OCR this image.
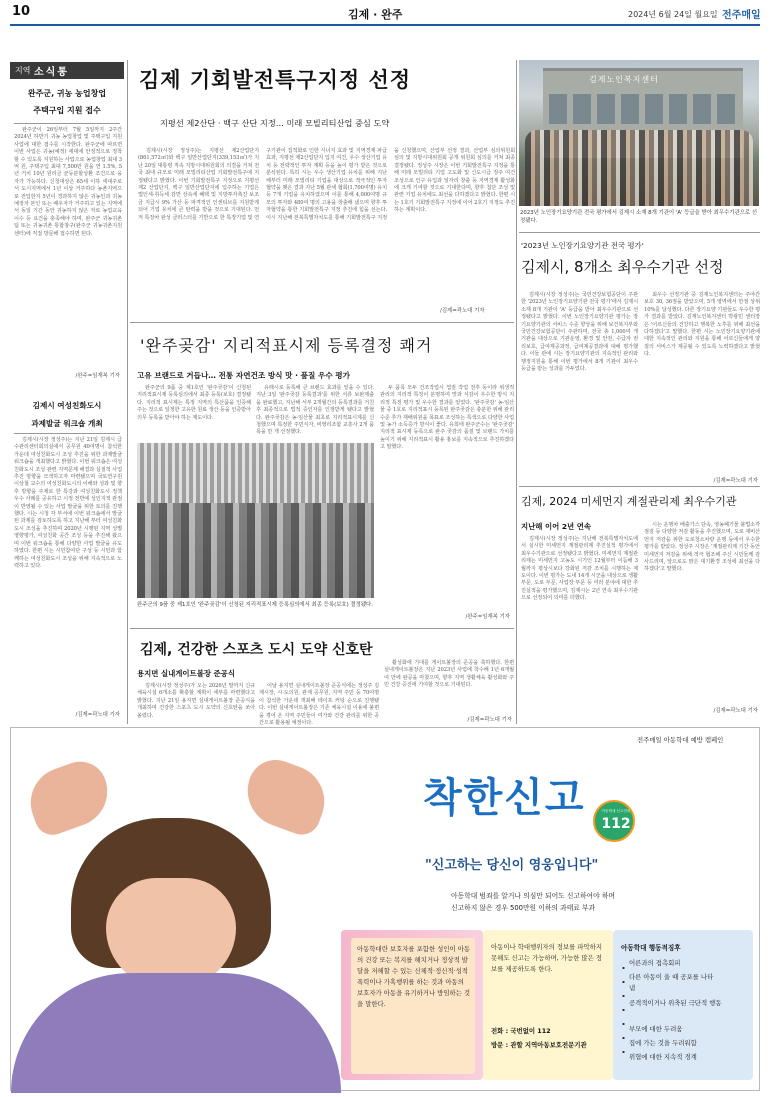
10	김제 · 완주	2024년 6월 24일 월요일 전주매일
지역 소식통
완주군, 귀농 농업창업
주택구입 지원 접수
완주군이 26일부터 7월 5일까지 2주간 2024년 하반기 귀농 농업창업 및 주택구입 지원사업에 대한 접수를 시작한다. 완주군에 따르면 이번 사업은 귀농(예정) 세대에 안정적으로 정착할 수 있도록 지원하는 사업으로 농업창업 최대 3억 원, 주택구입 최대 7,500만 원을 연 1.5%, 5년 거치 10년 원리금 균등분할상환 조건으로 융자가 가능하다. 신청대상은 65세 이하 세대주로서 도시지역에서 1년 이상 거주하다 농촌지역으로 전입한지 5년이 경과하지 않은 귀농인과 귀농예정자 본인 또는 배우자가 거주하고 있는 지역에서 동일 기간 동안 귀농하지 않은 자로 농업교육 이수 등 요건을 충족해야 하며, 완주군 귀농귀촌팀 또는 귀농귀촌 통합창구(완주군 귀농귀촌지원센터)에 직접 방문해 접수하면 된다.
/완주=임재복 기자
김제시 여성친화도시
과제발굴 워크숍 개최
김제시(시장 정성주)는 지난 21일 김제시 급수관리센터회의실에서 공무원 40여명이 참석한 가운데 여성친화도시 조성 추진을 위한 과제발굴 워크숍을 개최했다고 밝혔다. 이번 워크숍은 여성친화도시 조성 관련 지역문제 해결과 실질적 사업 추진 방향을 모색하고자 마련됐으며 국토연구원 이상철 교수의 여성친화도시의 이해와 성과 및 향후 방향을 주제로 한 특강과 여성친화도시 정책 우수 사례를 공유하고 시정 전반에 성인지적 관점이 반영될 수 있는 사업 발굴을 위한 토의를 진행했다. 시는 시청 각 부서에 이번 워크숍에서 발굴된 과제를 검토하도록 하고 지난해 부터 여성친화도시 조성을 추진하며 2020년 시행된 지역 성별영향평가, 여성친화 공간 조성 등을 추진해 왔으며 이번 워크숍을 통해 다양한 사업 발굴을 유도하였다. 한편 시는 시민참여단 구성 등 시민과 함께하는 여성친화도시 조성을 위해 지속적으로 노력하고 있다.
/김제=곽노대 기자
김제 기회발전특구지정 선정
지평선 제2산단 · 백구 산단 지정… 미래 모빌리티산업 중심 도약
김제시(시장 정성주)는 지평선 제2산업단지(861,572㎡)와 백구 일반산업단지(339,153㎡)가 지난 20일 대통령 직속 지방시대위원회의 의결을 거쳐 전국 최대 규모로 미래 모빌리티산업 기회발전특구에 지정됐다고 밝혔다. 이번 기회발전특구 지정으로 지평선 제2 산업단지, 백구 일반산업단지에 입주하는 기업은 법인세·취득세 감면 상속세 혜택 및 지방투자촉진 보조금 지급시 9% 가산 등 파격적인 인센티브를 지원받게 되어 기업 유치에 큰 탄력을 받을 것으로 기대된다. 먼저 특장차 완성 클러스터를 기반으로 한 특장기업 및 연구기관이 집적화로 인한 시너지 효과 및 지역경제 파급효과, 지평선 제2산업단지 입지 여건, 우수 생산기업 유치 등 전략적인 투자 계획 등을 높이 평가 받은 것으로 분석된다. 특히 시는 우수 생산기업 유치를 위해 지난 해부터 미래 모빌리티 기업을 대상으로 적극적인 투자협약을 맺은 결과 지난 5월 관세 협회(1,700여명) 유치 등 7개 기업을 유치하였으며 이를 통해 4,000여명 규모의 투자와 480여 명의 고용을 창출해 냈으며 향후 투자협약을 통한 기회발전특구 지정 추진에 힘을 싣는다. 이시 지난해 전북특별자치도를 통해 기회발전특구 지정을 신청했으며, 산업부 선정 결과, 산업부 심의위원회 심의 및 지방시대위원회 공개 위원회 심의를 거쳐 최종 결정됐다. 정성주 시장은 이번 기회발전특구 지정을 통해 미래 모빌리티 기업 고도화 및 신도시급 정주 여건 조성으로 인구 유입과 일자리 창출 등 지역경제 활성화에 크게 기여할 것으로 기대한다며, 향후 첨단 조성 및 관련 기업 유치에도 최선을 다하겠다고 밝혔다. 한편 시는 1호기 기회발전특구 지정에 이어 2호기 지정도 추진하는 계획이다.
/김제=곽노대 기자
김제노인복지센터
2023년 노인장기요양기관 전국 평가에서 김제시 소재 8개 기관이 'A' 등급을 받아 최우수기관으로 선정됐다.
'완주곶감' 지리적표시제 등록결정 쾌거
고유 브랜드로 거듭나… 전통 자연건조 방식 맛 · 품질 우수 평가
완주군의 9품 중 제1호인 '완주곶감'이 신청된 지리적표시제 등록심의에서 최종 등록(보호) 결정됐다. 지리적 표시제는 특정 지역의 특산품을 인증해 주는 것으로 일정한 고유한 원료 생산 등을 인증받아 의무 등록을 받아야 하는 제도이다.
유래시로 등록해 큰 브랜드 효과를 얻을 수 있다. 지난 3일 '완주곶감 등록결과'를 위한 서류 보완제출을 완료했고, 지난해 서부 2개월간의 등록결과를 거친 후 최종적으로 법적 증인자를 인정받게 됐다고 밝혔다. 완주곶감은 농·임산물 최초로 지리적표시제를 신청했으며 특정한 주민식자, 비영리조합 교흥사 2개 품목을 만 개 선정했다.
두 품목 모두 건조작업시 껍질 작업 전후 동이라 위생적 관리의 지리적 특징이 분명하여 맛과 식감이 우수한 방식 지리적 특징 평가 및 우수한 결과를 얻었다. '완주곶감' 농·임산물 중 1호로 지리적표시 등록된 완주곶감은 충분한 위해 관리 수준 추가 재배위원을 목표로 조성하는 특색으로 다양한 사업 및 농가 소득증가 방식이 좋다. 유희태 완주군수는 '완주곶감' 지리적 표시제 등록으로 완주 곶감의 품질 및 브랜드 가치를 높이기 위해 지리적표시 활용 홍보를 지속적으로 추진하겠다고 말했다.
/완주=임재복 기자
완주군의 9품 중 제1호인 '완주곶감'이 신청된 지리적표시제 등록심의에서 최종 등록(보호) 결정됐다.
김제, 건강한 스포츠 도시 도약 신호탄
용지면 실내게이트볼장 준공식
김제시(시장 정성주)가 오는 2026년 말까지 신규 체육시설 6개소를 확충할 계획이 세부를 마련했다고 밝혔다. 지난 21일 용지면 실내게이트볼장 준공식을 개최하며 건강한 스포츠 도시 도약의 신호탄을 쏘아 올렸다.
이날 용지면 실내게이트볼장 준공식에는 정성주 김제시장, 시·도의원, 관계 공무원, 지역 주민 등 70여명이 참석한 가운데 개최해 테이프 커팅 순으로 진행됐다. 이번 실내게이트볼장은 기존 체육시설 이용에 불편을 겪어 온 지역 주민들이 여가와 건강 관리를 위한 공간으로 활용될 예정이다.
활성화에 기대를 게이트볼장의 준공을 축하했다. 한편 실내게이트볼장은 지난 2023년 사업에 착수해 1년 6개월여 만에 완공을 마쳤으며, 향후 지역 생활체육 활성화와 주민 건강 증진에 기여할 것으로 기대된다.
/김제=곽노대 기자
'2023년 노인장기요양기관 전국 평가'
김제시, 8개소 최우수기관 선정
김제시(시장 정성주)는 국민건강보험공단이 주관한 '2023년 노인장기요양기관 전국 평가'에서 김제시 소재 8개 기관이 'A' 등급을 받아 최우수기관으로 선정됐다고 밝혔다. 이번 노인장기요양기관 평가는 장기요양기관의 서비스 수준 향상을 위해 보건복지부와 국민건강보험공단이 주관하며, 전국 총 1,000여 개 기관을 대상으로 기관운영, 환경 및 안전, 수급자 권리보호, 급여제공과정, 급여제공결과에 대해 평가했다. 이들 관에 시는 장기요양기관의 지속적인 관리와 행정지원을 통해 이번 평가에서 8개 기관이 최우수 등급을 받는 성과를 거두었다.
최우수 선정기관 중 김제노인복지센터는 주야간보호 30, 36점을 받았으며, 5개 영역에서 만점 상위 10%를 달성했다. 다른 장기요양 기관들도 우수한 평가 결과를 받았다. 김제노인복지센터 박광민 센터장은 '어르신들의 건강하고 행복한 노후를 위해 최선을 다하겠다'고 말했다. 한편 시는 노인장기요양기관에 대한 지속적인 관리와 지원을 통해 어르신들에게 양질의 서비스가 제공될 수 있도록 노력하겠다고 밝혔다.
/김제=곽노대 기자
김제, 2024 미세먼지 계절관리제 최우수기관
지난해 이어 2년 연속
김제시(시장 정성주)는 지난해 전북특별자치도에서 실시한 미세먼지 계절관리제 추진실적 평가에서 최우수기관으로 선정됐다고 밝혔다. 미세먼지 계절관리제는 미세먼지 고농도 시기인 12월부터 이듬해 3월까지 평상시보다 강화된 저감 조치를 시행하는 제도이다. 이번 평가는 도내 14개 시군을 대상으로 생활 부문, 도로 부문, 사업장 부문 등 여러 분야에 대한 추진실적을 평가했으며, 김제시는 2년 연속 최우수기관으로 선정되어 의미를 더했다.
시는 운행차 배출가스 단속, 영농폐기물 불법소각 점검 등 다양한 저감 활동을 추진했으며, 도로 재비산먼지 저감을 위한 도로청소차량 운행 등에서 우수한 평가를 받았다. 정성주 시장은 '계절관리제 기간 동안 미세먼지 저감을 위해 적극 협조해 주신 시민들께 감사드리며, 앞으로도 맑은 대기환경 조성에 최선을 다하겠다'고 말했다.
/김제=곽노대 기자
전주매일 아동학대 예방 캠페인
착한신고	아동학대 신고전화
112
"신고하는 당신이 영웅입니다"
아동학대 범죄를 알거나 의심만 되어도 신고하여야 하며
신고하지 않은 경우 500만원 이하의 과태료 부과
아동학대란 보호자를 포함한 성인이 아동의 건강 또는 복지를 해치거나 정상적 발달을 저해할 수 있는 신체적·정신적·성적 폭력이나 가혹행위를 하는 것과 아동의 보호자가 아동을 유기하거나 방임하는 것을 말한다.
아동이나 학대행위자의 정보를 파악하지 못해도 신고는 가능하며, 가능한 많은 정보를 제공하도록 한다.
전화 : 국번없이 112
방문 : 관할 지역아동보호전문기관
아동학대 행동적징후
어른과의 접촉회피
다른 아동이 울 때 공포를 나타냄
공격적이거나 위축된 극단적 행동
부모에 대한 두려움
집에 가는 것을 두려워함
위협에 대한 지속적 경계
